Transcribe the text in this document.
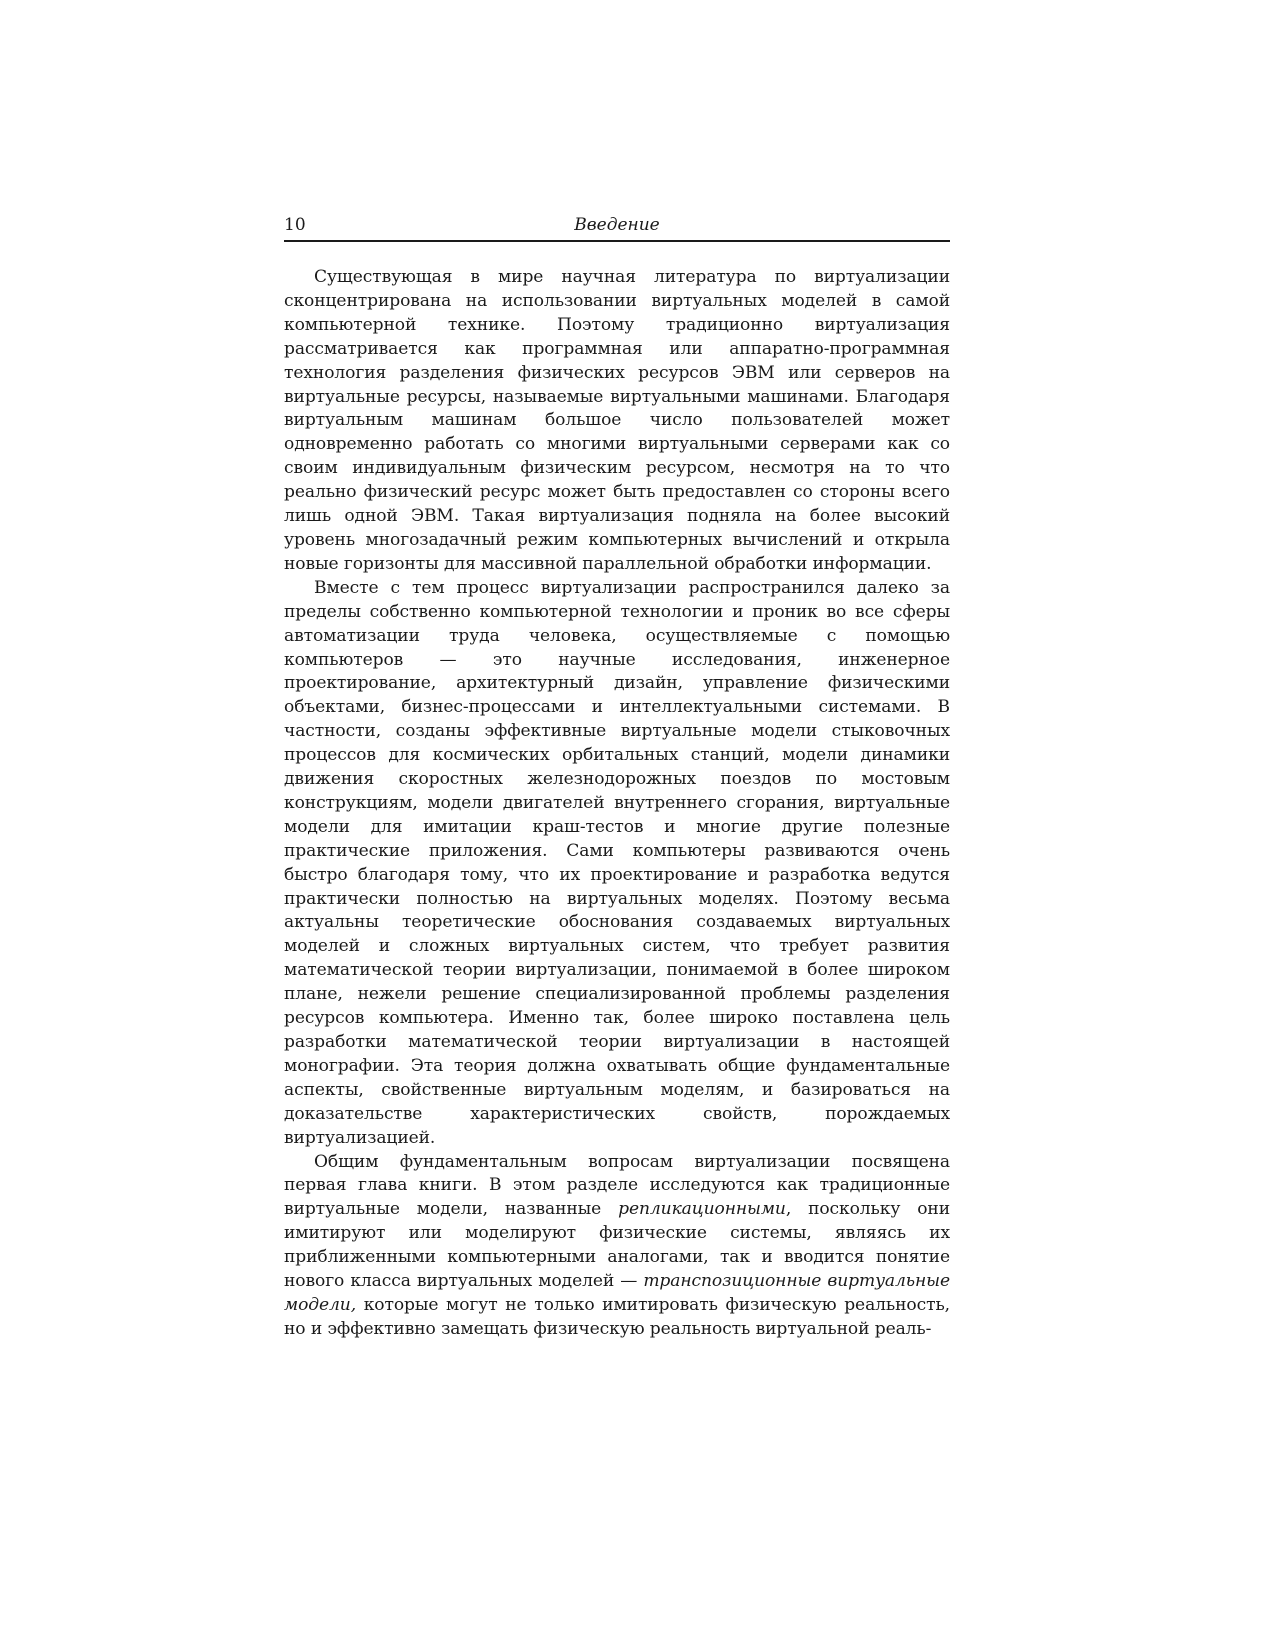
10	Введение

Существующая в мире научная литература по виртуализации сконцентрирована на использовании виртуальных моделей в самой компьютерной технике. Поэтому традиционно виртуализация рассматривается как программная или аппаратно-программная технология разделения физических ресурсов ЭВМ или серверов на виртуальные ресурсы, называемые виртуальными машинами. Благодаря виртуальным машинам большое число пользователей может одновременно работать со многими виртуальными серверами как со своим индивидуальным физическим ресурсом, несмотря на то что реально физический ресурс может быть предоставлен со стороны всего лишь одной ЭВМ. Такая виртуализация подняла на более высокий уровень многозадачный режим компьютерных вычислений и открыла новые горизонты для массивной параллельной обработки информации.

Вместе с тем процесс виртуализации распространился далеко за пределы собственно компьютерной технологии и проник во все сферы автоматизации труда человека, осуществляемые с помощью компьютеров — это научные исследования, инженерное проектирование, архитектурный дизайн, управление физическими объектами, бизнес-процессами и интеллектуальными системами. В частности, созданы эффективные виртуальные модели стыковочных процессов для космических орбитальных станций, модели динамики движения скоростных железнодорожных поездов по мостовым конструкциям, модели двигателей внутреннего сгорания, виртуальные модели для имитации краш-тестов и многие другие полезные практические приложения. Сами компьютеры развиваются очень быстро благодаря тому, что их проектирование и разработка ведутся практически полностью на виртуальных моделях. Поэтому весьма актуальны теоретические обоснования создаваемых виртуальных моделей и сложных виртуальных систем, что требует развития математической теории виртуализации, понимаемой в более широком плане, нежели решение специализированной проблемы разделения ресурсов компьютера. Именно так, более широко поставлена цель разработки математической теории виртуализации в настоящей монографии. Эта теория должна охватывать общие фундаментальные аспекты, свойственные виртуальным моделям, и базироваться на доказательстве характеристических свойств, порождаемых виртуализацией.

Общим фундаментальным вопросам виртуализации посвящена первая глава книги. В этом разделе исследуются как традиционные виртуальные модели, названные репликационными, поскольку они имитируют или моделируют физические системы, являясь их приближенными компьютерными аналогами, так и вводится понятие нового класса виртуальных моделей — транспозиционные виртуальные модели, которые могут не только имитировать физическую реальность, но и эффективно замещать физическую реальность виртуальной реаль-
